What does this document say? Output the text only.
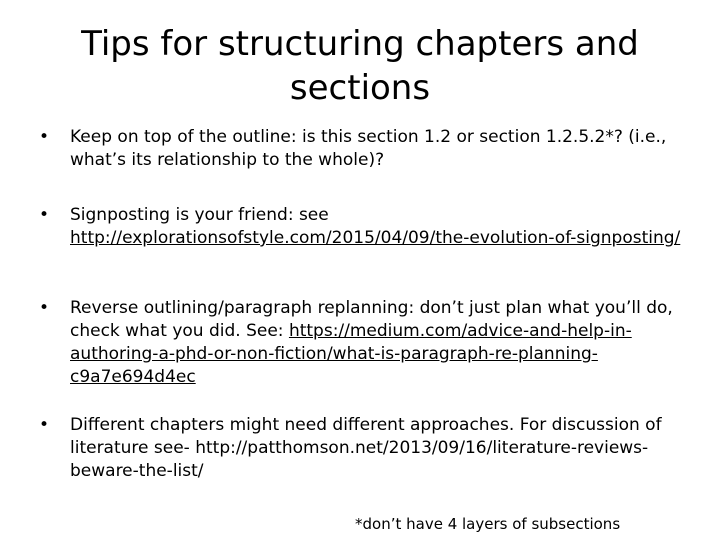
Tips for structuring chapters and sections
• Keep on top of the outline: is this section 1.2 or section 1.2.5.2*? (i.e., what’s its relationship to the whole)?
• Signposting is your friend: see http://explorationsofstyle.com/2015/04/09/the-evolution-of-signposting/
• Reverse outlining/paragraph replanning: don’t just plan what you’ll do, check what you did. See: https://medium.com/advice-and-help-in-authoring-a-phd-or-non-fiction/what-is-paragraph-re-planning-c9a7e694d4ec
• Different chapters might need different approaches. For discussion of literature see- http://patthomson.net/2013/09/16/literature-reviews-beware-the-list/
*don’t have 4 layers of subsections
